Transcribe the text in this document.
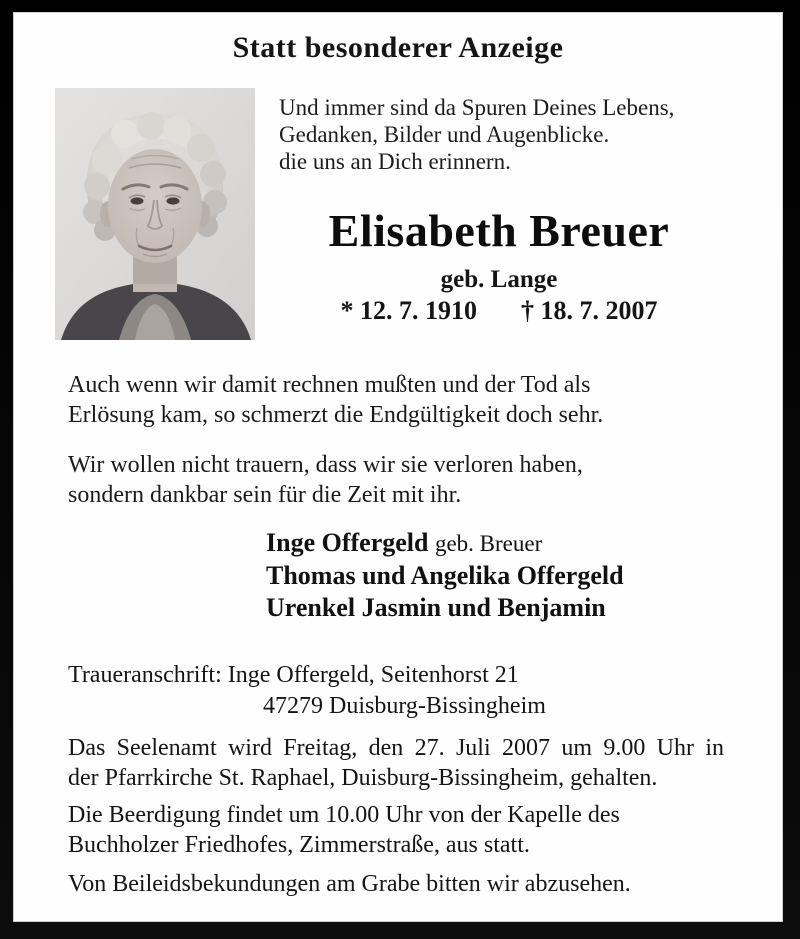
Statt besonderer Anzeige
Und immer sind da Spuren Deines Lebens,
Gedanken, Bilder und Augenblicke.
die uns an Dich erinnern.
Elisabeth Breuer
geb. Lange
* 12. 7. 1910 † 18. 7. 2007
Auch wenn wir damit rechnen mußten und der Tod als
Erlösung kam, so schmerzt die Endgültigkeit doch sehr.
Wir wollen nicht trauern, dass wir sie verloren haben,
sondern dankbar sein für die Zeit mit ihr.
Inge Offergeld geb. Breuer
Thomas und Angelika Offergeld
Urenkel Jasmin und Benjamin
Traueranschrift: Inge Offergeld, Seitenhorst 21
47279 Duisburg-Bissingheim
Das Seelenamt wird Freitag, den 27. Juli 2007 um 9.00 Uhr in
der Pfarrkirche St. Raphael, Duisburg-Bissingheim, gehalten.
Die Beerdigung findet um 10.00 Uhr von der Kapelle des
Buchholzer Friedhofes, Zimmerstraße, aus statt.
Von Beileidsbekundungen am Grabe bitten wir abzusehen.
